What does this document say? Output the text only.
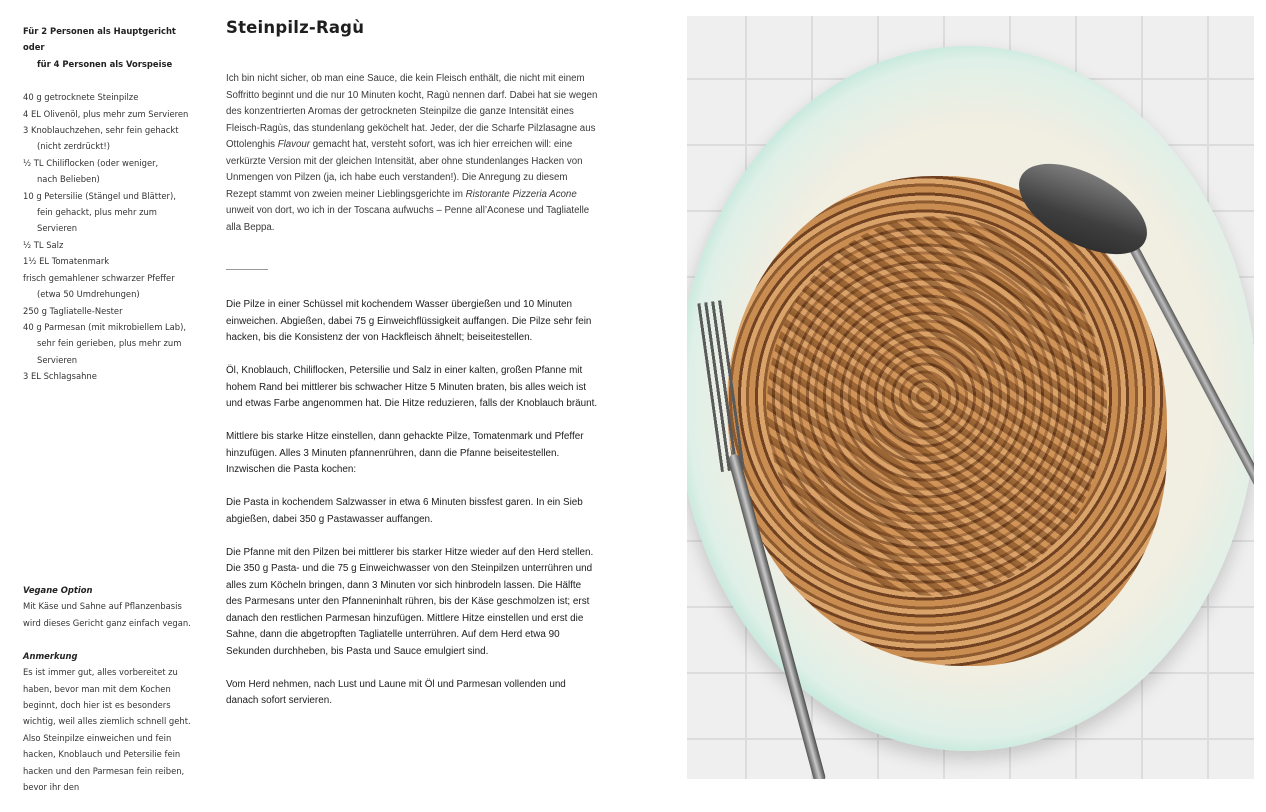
Für 2 Personen als Hauptgericht oder
für 4 Personen als Vorspeise

40 g getrocknete Steinpilze
4 EL Olivenöl, plus mehr zum Servieren
3 Knoblauchzehen, sehr fein gehackt
(nicht zerdrückt!)
½ TL Chiliflocken (oder weniger,
nach Belieben)
10 g Petersilie (Stängel und Blätter),
fein gehackt, plus mehr zum Servieren
½ TL Salz
1½ EL Tomatenmark
frisch gemahlener schwarzer Pfeffer
(etwa 50 Umdrehungen)
250 g Tagliatelle-Nester
40 g Parmesan (mit mikrobiellem Lab),
sehr fein gerieben, plus mehr zum
Servieren
3 EL Schlagsahne

Vegane Option

Mit Käse und Sahne auf Pflanzenbasis wird dieses Gericht ganz einfach vegan.

Anmerkung

Es ist immer gut, alles vorbereitet zu haben, bevor man mit dem Kochen beginnt, doch hier ist es besonders wichtig, weil alles ziemlich schnell geht. Also Steinpilze einweichen und fein hacken, Knoblauch und Petersilie fein hacken und den Parmesan fein reiben, bevor ihr den

Steinpilz-Ragù

Ich bin nicht sicher, ob man eine Sauce, die kein Fleisch enthält, die nicht mit einem Soffritto beginnt und die nur 10 Minuten kocht, Ragù nennen darf. Dabei hat sie wegen des konzentrierten Aromas der getrockneten Steinpilze die ganze Intensität eines Fleisch-Ragùs, das stundenlang geköchelt hat. Jeder, der die Scharfe Pilzlasagne aus Ottolenghis Flavour gemacht hat, versteht sofort, was ich hier erreichen will: eine verkürzte Version mit der gleichen Intensität, aber ohne stundenlanges Hacken von Unmengen von Pilzen (ja, ich habe euch verstanden!). Die Anregung zu diesem Rezept stammt von zweien meiner Lieblingsgerichte im Ristorante Pizzeria Acone unweit von dort, wo ich in der Toscana aufwuchs – Penne all’Aconese und Tagliatelle alla Beppa.

Die Pilze in einer Schüssel mit kochendem Wasser übergießen und 10 Minuten einweichen. Abgießen, dabei 75 g Einweichflüssigkeit auffangen. Die Pilze sehr fein hacken, bis die Konsistenz der von Hackfleisch ähnelt; beiseitestellen.
Öl, Knoblauch, Chiliflocken, Petersilie und Salz in einer kalten, großen Pfanne mit hohem Rand bei mittlerer bis schwacher Hitze 5 Minuten braten, bis alles weich ist und etwas Farbe angenommen hat. Die Hitze reduzieren, falls der Knoblauch bräunt.
Mittlere bis starke Hitze einstellen, dann gehackte Pilze, Tomatenmark und Pfeffer hinzufügen. Alles 3 Minuten pfannenrühren, dann die Pfanne beiseitestellen. Inzwischen die Pasta kochen:
Die Pasta in kochendem Salzwasser in etwa 6 Minuten bissfest garen. In ein Sieb abgießen, dabei 350 g Pastawasser auffangen.
Die Pfanne mit den Pilzen bei mittlerer bis starker Hitze wieder auf den Herd stellen. Die 350 g Pasta- und die 75 g Einweichwasser von den Steinpilzen unterrühren und alles zum Köcheln bringen, dann 3 Minuten vor sich hinbrodeln lassen. Die Hälfte des Parmesans unter den Pfanneninhalt rühren, bis der Käse geschmolzen ist; erst danach den restlichen Parmesan hinzufügen. Mittlere Hitze einstellen und erst die Sahne, dann die abgetropften Tagliatelle unterrühren. Auf dem Herd etwa 90 Sekunden durchheben, bis Pasta und Sauce emulgiert sind.
Vom Herd nehmen, nach Lust und Laune mit Öl und Parmesan vollenden und danach sofort servieren.
